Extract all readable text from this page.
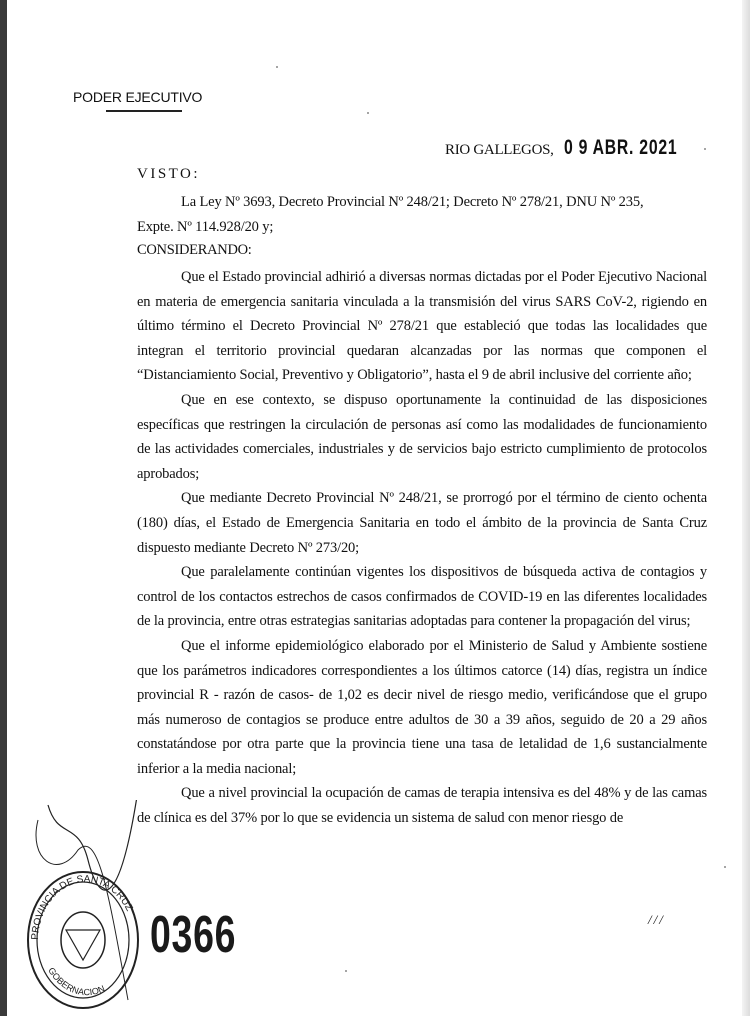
PODER EJECUTIVO
RIO GALLEGOS, 0 9 ABR. 2021
VISTO:

La Ley Nº 3693, Decreto Provincial Nº 248/21; Decreto Nº 278/21, DNU Nº 235,

Expte. Nº 114.928/20 y;

CONSIDERANDO:

Que el Estado provincial adhirió a diversas normas dictadas por el Poder Ejecutivo Nacional en materia de emergencia sanitaria vinculada a la transmisión del virus SARS CoV-2, rigiendo en último término el Decreto Provincial Nº 278/21 que estableció que todas las localidades que integran el territorio provincial quedaran alcanzadas por las normas que componen el “Distanciamiento Social, Preventivo y Obligatorio”, hasta el 9 de abril inclusive del corriente año;

Que en ese contexto, se dispuso oportunamente la continuidad de las disposiciones específicas que restringen la circulación de personas así como las modalidades de funcionamiento de las actividades comerciales, industriales y de servicios bajo estricto cumplimiento de protocolos aprobados;

Que mediante Decreto Provincial Nº 248/21, se prorrogó por el término de ciento ochenta (180) días, el Estado de Emergencia Sanitaria en todo el ámbito de la provincia de Santa Cruz dispuesto mediante Decreto Nº 273/20;

Que paralelamente continúan vigentes los dispositivos de búsqueda activa de contagios y control de los contactos estrechos de casos confirmados de COVID-19 en las diferentes localidades de la provincia, entre otras estrategias sanitarias adoptadas para contener la propagación del virus;

Que el informe epidemiológico elaborado por el Ministerio de Salud y Ambiente sostiene que los parámetros indicadores correspondientes a los últimos catorce (14) días, registra un índice provincial R - razón de casos- de 1,02 es decir nivel de riesgo medio, verificándose que el grupo más numeroso de contagios se produce entre adultos de 30 a 39 años, seguido de 20 a 29 años constatándose por otra parte que la provincia tiene una tasa de letalidad de 1,6 sustancialmente inferior a la media nacional;

Que a nivel provincial la ocupación de camas de terapia intensiva es del 48% y de las camas de clínica es del 37% por lo que se evidencia un sistema de salud con menor riesgo de

///
PROVINCIA DE SANTA CRUZ
GOBERNACION
0366
